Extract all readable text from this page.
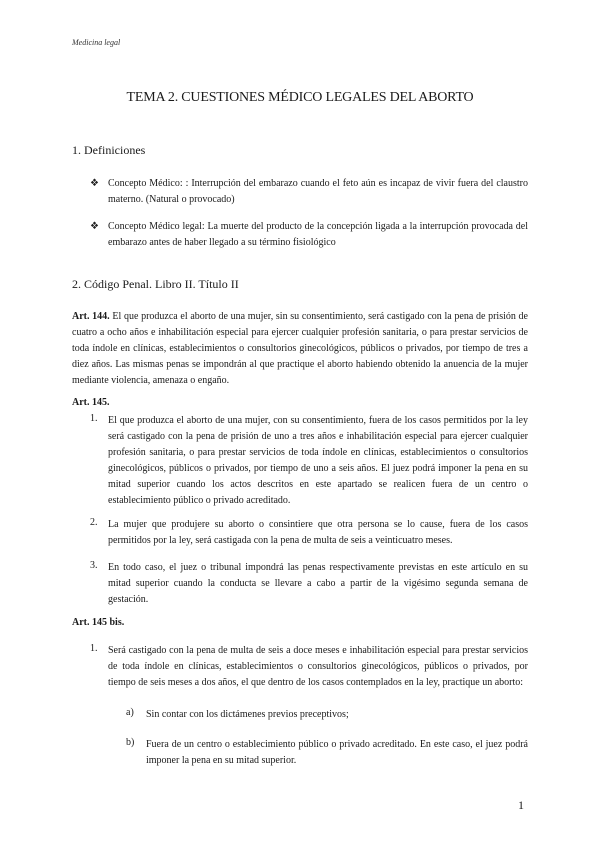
Medicina legal
TEMA 2. CUESTIONES MÉDICO LEGALES DEL ABORTO
1. Definiciones
❖ Concepto Médico: : Interrupción del embarazo cuando el feto aún es incapaz de vivir fuera del claustro materno. (Natural o provocado)
❖ Concepto Médico legal: La muerte del producto de la concepción ligada a la interrupción provocada del embarazo antes de haber llegado a su término fisiológico
2. Código Penal. Libro II. Título II
Art. 144. El que produzca el aborto de una mujer, sin su consentimiento, será castigado con la pena de prisión de cuatro a ocho años e inhabilitación especial para ejercer cualquier profesión sanitaria, o para prestar servicios de toda índole en clínicas, establecimientos o consultorios ginecológicos, públicos o privados, por tiempo de tres a diez años. Las mismas penas se impondrán al que practique el aborto habiendo obtenido la anuencia de la mujer mediante violencia, amenaza o engaño.
Art. 145.
1. El que produzca el aborto de una mujer, con su consentimiento, fuera de los casos permitidos por la ley será castigado con la pena de prisión de uno a tres años e inhabilitación especial para ejercer cualquier profesión sanitaria, o para prestar servicios de toda índole en clínicas, establecimientos o consultorios ginecológicos, públicos o privados, por tiempo de uno a seis años. El juez podrá imponer la pena en su mitad superior cuando los actos descritos en este apartado se realicen fuera de un centro o establecimiento público o privado acreditado.
2. La mujer que produjere su aborto o consintiere que otra persona se lo cause, fuera de los casos permitidos por la ley, será castigada con la pena de multa de seis a veinticuatro meses.
3. En todo caso, el juez o tribunal impondrá las penas respectivamente previstas en este artículo en su mitad superior cuando la conducta se llevare a cabo a partir de la vigésimo segunda semana de gestación.
Art. 145 bis.
1. Será castigado con la pena de multa de seis a doce meses e inhabilitación especial para prestar servicios de toda índole en clínicas, establecimientos o consultorios ginecológicos, públicos o privados, por tiempo de seis meses a dos años, el que dentro de los casos contemplados en la ley, practique un aborto:
a) Sin contar con los dictámenes previos preceptivos;
b) Fuera de un centro o establecimiento público o privado acreditado. En este caso, el juez podrá imponer la pena en su mitad superior.
1
